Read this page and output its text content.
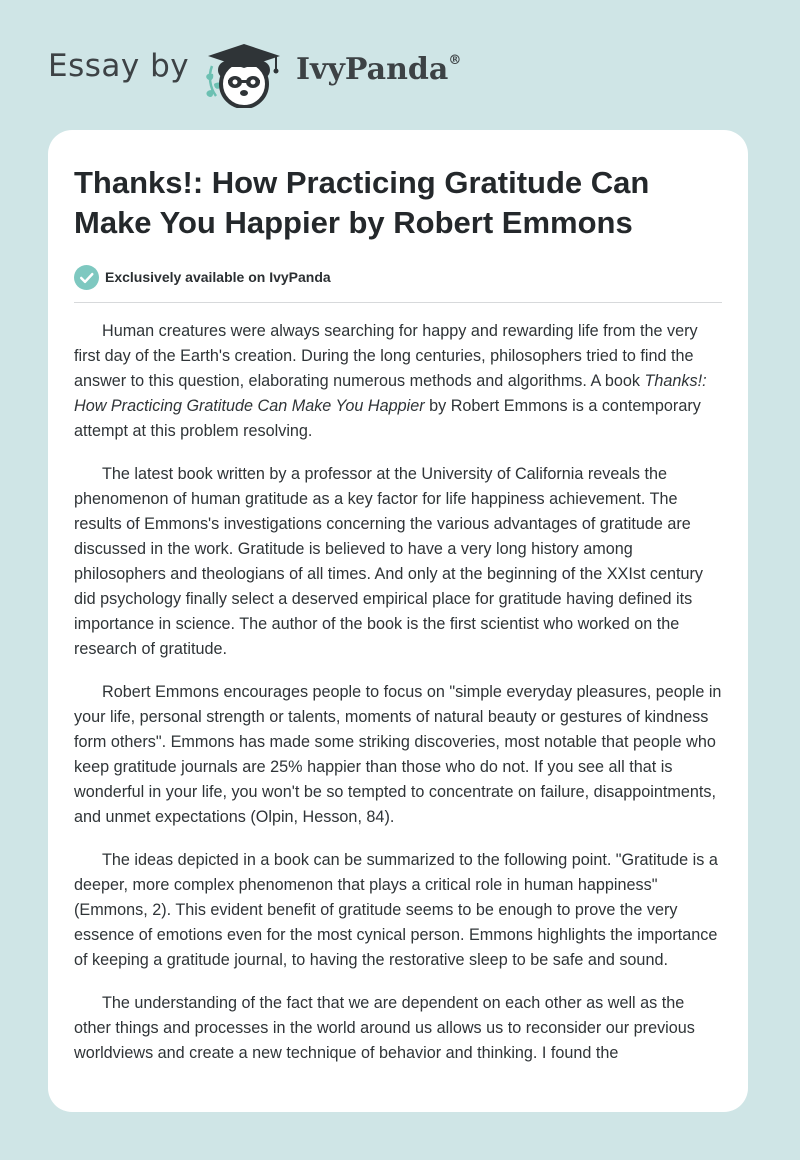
Essay by	IvyPanda®
Thanks!: How Practicing Gratitude Can Make You Happier by Robert Emmons
Exclusively available on IvyPanda

Human creatures were always searching for happy and rewarding life from the very first day of the Earth's creation. During the long centuries, philosophers tried to find the answer to this question, elaborating numerous methods and algorithms. A book Thanks!: How Practicing Gratitude Can Make You Happier by Robert Emmons is a contemporary attempt at this problem resolving.

The latest book written by a professor at the University of California reveals the phenomenon of human gratitude as a key factor for life happiness achievement. The results of Emmons's investigations concerning the various advantages of gratitude are discussed in the work. Gratitude is believed to have a very long history among philosophers and theologians of all times. And only at the beginning of the XXIst century did psychology finally select a deserved empirical place for gratitude having defined its importance in science. The author of the book is the first scientist who worked on the research of gratitude.

Robert Emmons encourages people to focus on "simple everyday pleasures, people in your life, personal strength or talents, moments of natural beauty or gestures of kindness form others". Emmons has made some striking discoveries, most notable that people who keep gratitude journals are 25% happier than those who do not. If you see all that is wonderful in your life, you won't be so tempted to concentrate on failure, disappointments, and unmet expectations (Olpin, Hesson, 84).

The ideas depicted in a book can be summarized to the following point. "Gratitude is a deeper, more complex phenomenon that plays a critical role in human happiness" (Emmons, 2). This evident benefit of gratitude seems to be enough to prove the very essence of emotions even for the most cynical person. Emmons highlights the importance of keeping a gratitude journal, to having the restorative sleep to be safe and sound.

The understanding of the fact that we are dependent on each other as well as the other things and processes in the world around us allows us to reconsider our previous worldviews and create a new technique of behavior and thinking. I found the
